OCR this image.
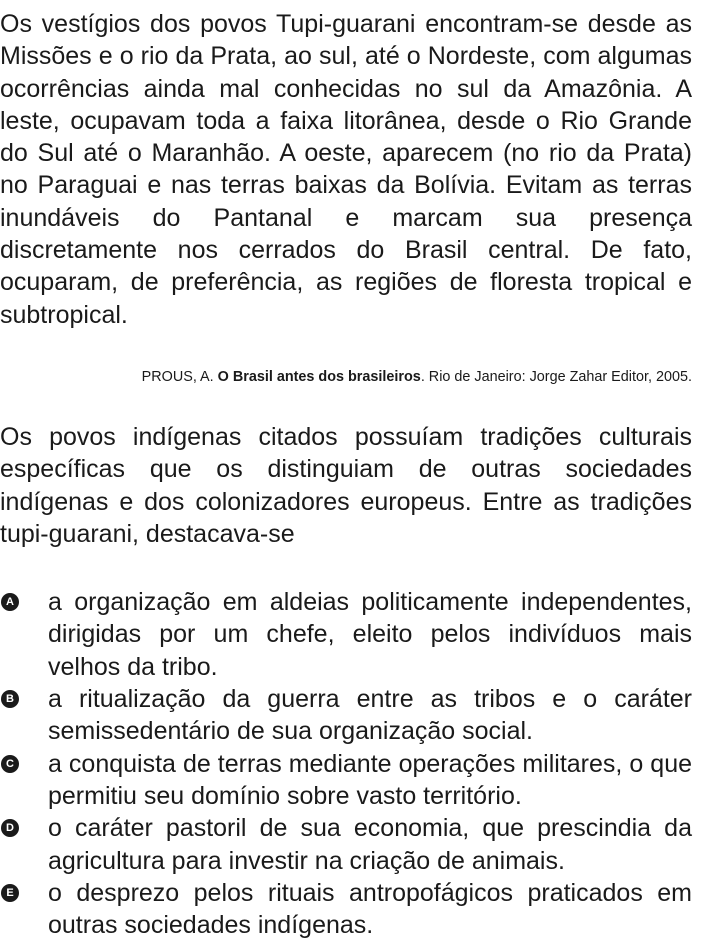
Os vestígios dos povos Tupi-guarani encontram-se desde as Missões e o rio da Prata, ao sul, até o Nordeste, com algumas ocorrências ainda mal conhecidas no sul da Amazônia. A leste, ocupavam toda a faixa litorânea, desde o Rio Grande do Sul até o Maranhão. A oeste, aparecem (no rio da Prata) no Paraguai e nas terras baixas da Bolívia. Evitam as terras inundáveis do Pantanal e marcam sua presença discretamente nos cerrados do Brasil central. De fato, ocuparam, de preferência, as regiões de floresta tropical e subtropical.

PROUS, A. O Brasil antes dos brasileiros. Rio de Janeiro: Jorge Zahar Editor, 2005.

Os povos indígenas citados possuíam tradições culturais específicas que os distinguiam de outras sociedades indígenas e dos colonizadores europeus. Entre as tradições tupi-guarani, destacava-se

A a organização em aldeias politicamente independentes, dirigidas por um chefe, eleito pelos indivíduos mais velhos da tribo.
B a ritualização da guerra entre as tribos e o caráter semissedentário de sua organização social.
C a conquista de terras mediante operações militares, o que permitiu seu domínio sobre vasto território.
D o caráter pastoril de sua economia, que prescindia da agricultura para investir na criação de animais.
E o desprezo pelos rituais antropofágicos praticados em outras sociedades indígenas.
